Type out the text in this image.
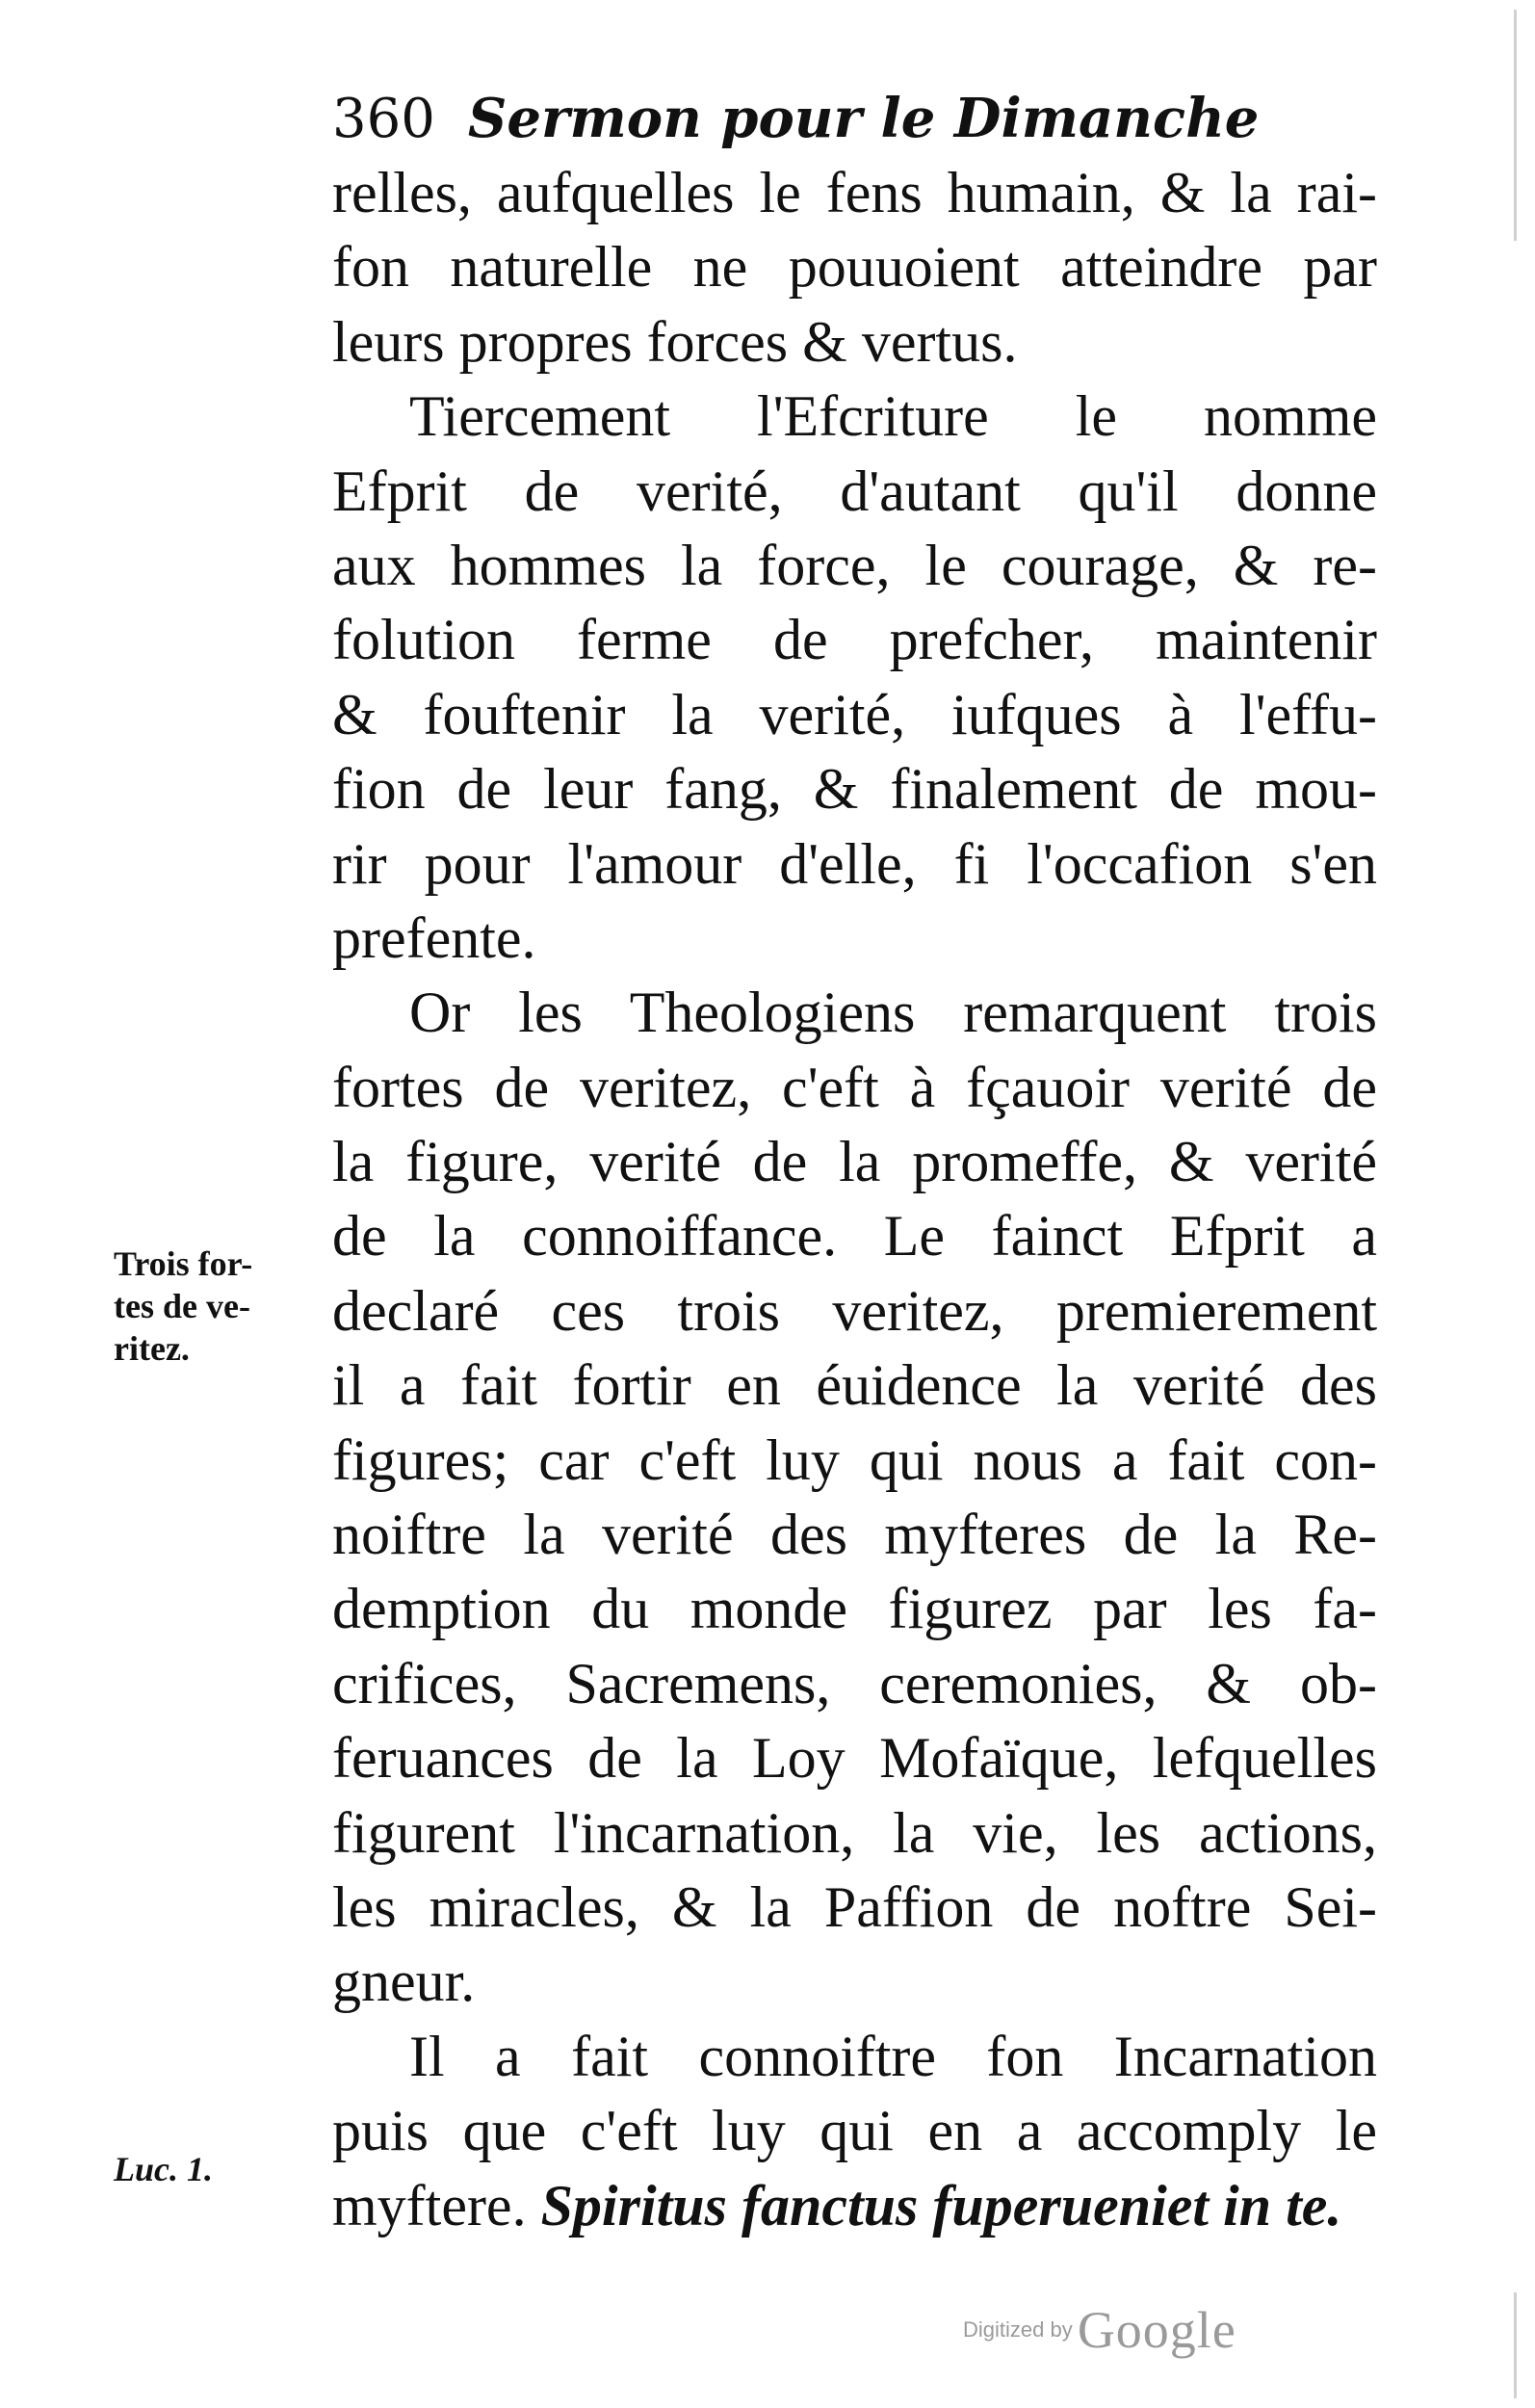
360 Sermon pour le Dimanche
relles, aufquelles le fens humain, & la rai-
fon naturelle ne pouuoient atteindre par
leurs propres forces & vertus.
Tiercement l'Efcriture le nomme
Efprit de verité, d'autant qu'il donne
aux hommes la force, le courage, & re-
folution ferme de prefcher, maintenir
& fouftenir la verité, iufques à l'effu-
fion de leur fang, & finalement de mou-
rir pour l'amour d'elle, fi l'occafion s'en
prefente.
Or les Theologiens remarquent trois
fortes de veritez, c'eft à fçauoir verité de
la figure, verité de la promeffe, & verité
de la connoiffance. Le fainct Efprit a
declaré ces trois veritez, premierement
il a fait fortir en éuidence la verité des
figures; car c'eft luy qui nous a fait con-
noiftre la verité des myfteres de la Re-
demption du monde figurez par les fa-
crifices, Sacremens, ceremonies, & ob-
feruances de la Loy Mofaïque, lefquelles
figurent l'incarnation, la vie, les actions,
les miracles, & la Paffion de noftre Sei-
gneur.
Il a fait connoiftre fon Incarnation
puis que c'eft luy qui en a accomply le
myftere. Spiritus fanctus fuperueniet in te.
Trois for-
tes de ve-
ritez.
Luc. 1.
Digitized by Google
